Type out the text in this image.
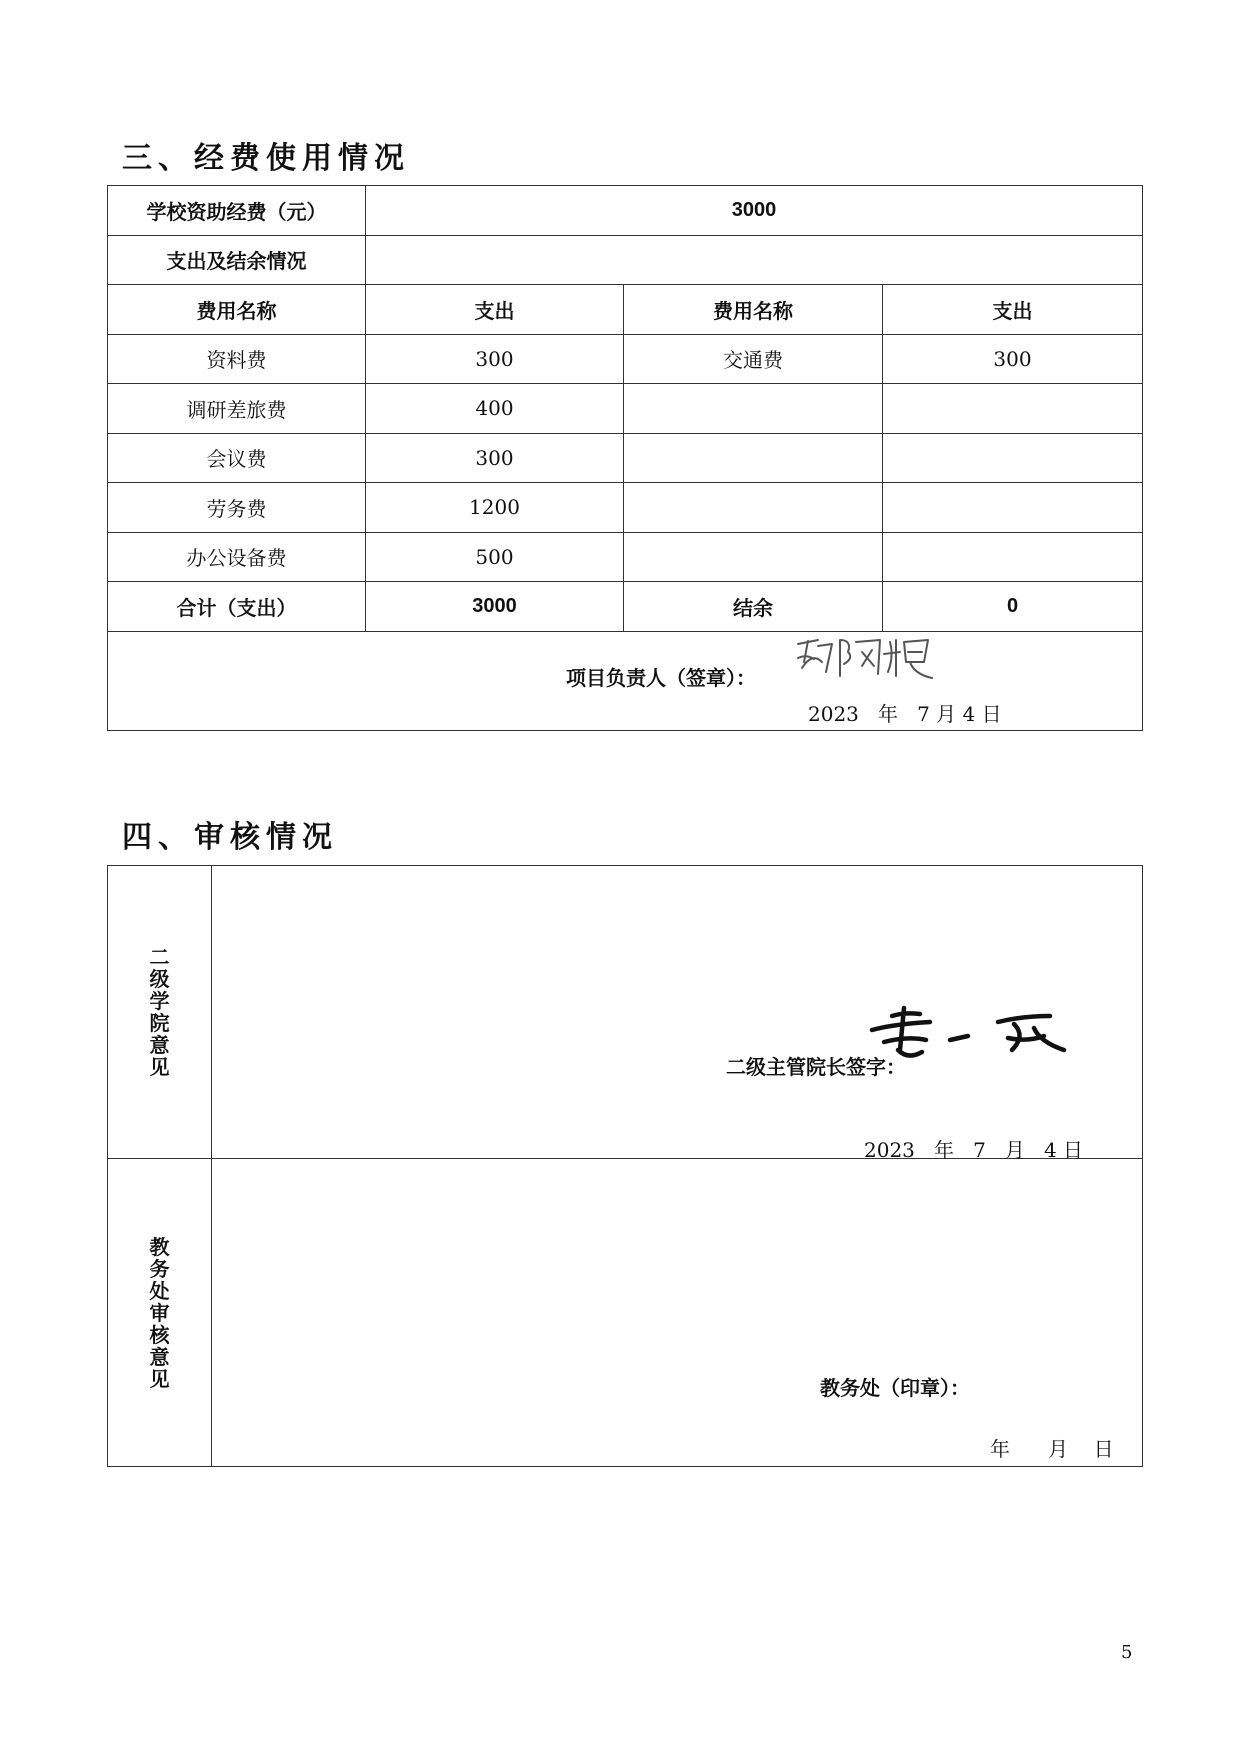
三、经费使用情况
学校资助经费（元）	3000		
支出及结余情况			
费用名称	支出	费用名称	支出
资料费	300	交通费	300
调研差旅费	400		
会议费	300		
劳务费	1200		
办公设备费	500		
合计（支出）	3000	结余	0

项目负责人（签章）：
2023 年 7 月 4 日			
四、审核情况
二级学院意见	二级主管院长签字：
2023 年 7 月 4 日

教务处审核意见	教务处（印章）：
年 月 日
5
